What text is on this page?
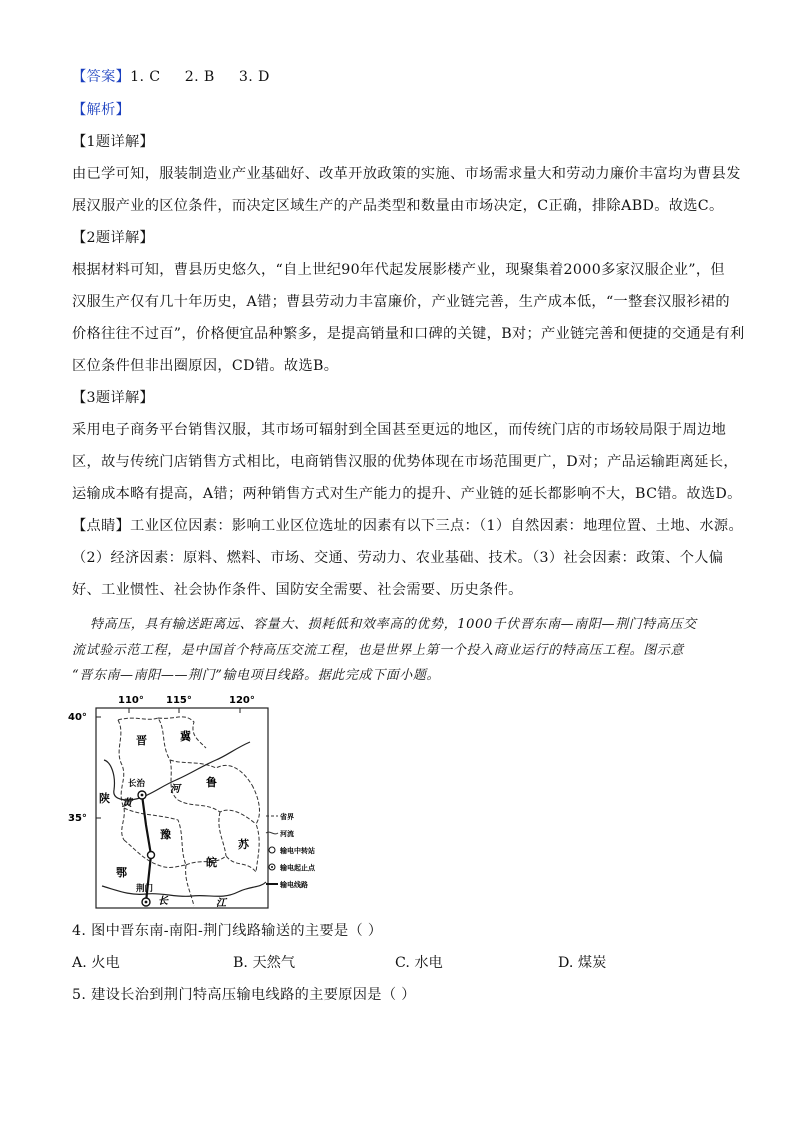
【答案】1. C     2. B     3. D
【解析】
【1题详解】
由已学可知，服装制造业产业基础好、改革开放政策的实施、市场需求量大和劳动力廉价丰富均为曹县发
展汉服产业的区位条件，而决定区域生产的产品类型和数量由市场决定，C正确，排除ABD。故选C。
【2题详解】
根据材料可知，曹县历史悠久，“自上世纪90年代起发展影楼产业，现聚集着2000多家汉服企业”，但
汉服生产仅有几十年历史，A错；曹县劳动力丰富廉价，产业链完善，生产成本低，“一整套汉服衫裙的
价格往往不过百”，价格便宜品种繁多，是提高销量和口碑的关键，B对；产业链完善和便捷的交通是有利
区位条件但非出圈原因，CD错。故选B。
【3题详解】
采用电子商务平台销售汉服，其市场可辐射到全国甚至更远的地区，而传统门店的市场较局限于周边地
区，故与传统门店销售方式相比，电商销售汉服的优势体现在市场范围更广，D对；产品运输距离延长，
运输成本略有提高，A错；两种销售方式对生产能力的提升、产业链的延长都影响不大，BC错。故选D。
【点睛】工业区位因素：影响工业区位选址的因素有以下三点：（1）自然因素：地理位置、土地、水源。
（2）经济因素：原料、燃料、市场、交通、劳动力、农业基础、技术。（3）社会因素：政策、个人偏
好、工业惯性、社会协作条件、国防安全需要、社会需要、历史条件。
特高压，具有输送距离远、容量大、损耗低和效率高的优势，1000千伏晋东南—南阳—荆门特高压交
流试验示范工程，是中国首个特高压交流工程，也是世界上第一个投入商业运行的特高压工程。图示意
“晋东南—南阳——荆门”输电项目线路。据此完成下面小题。
110° 115°	120°
40°
35°
晋	冀
鲁
陕
豫
皖
苏
鄂
长治
荆门
黄
河
长	江
省界
河流
输电中转站
输电起止点
输电线路
4. 图中晋东南-南阳-荆门线路输送的主要是（ ）
A. 火电	B. 天然气	C. 水电	D. 煤炭
5. 建设长治到荆门特高压输电线路的主要原因是（ ）
